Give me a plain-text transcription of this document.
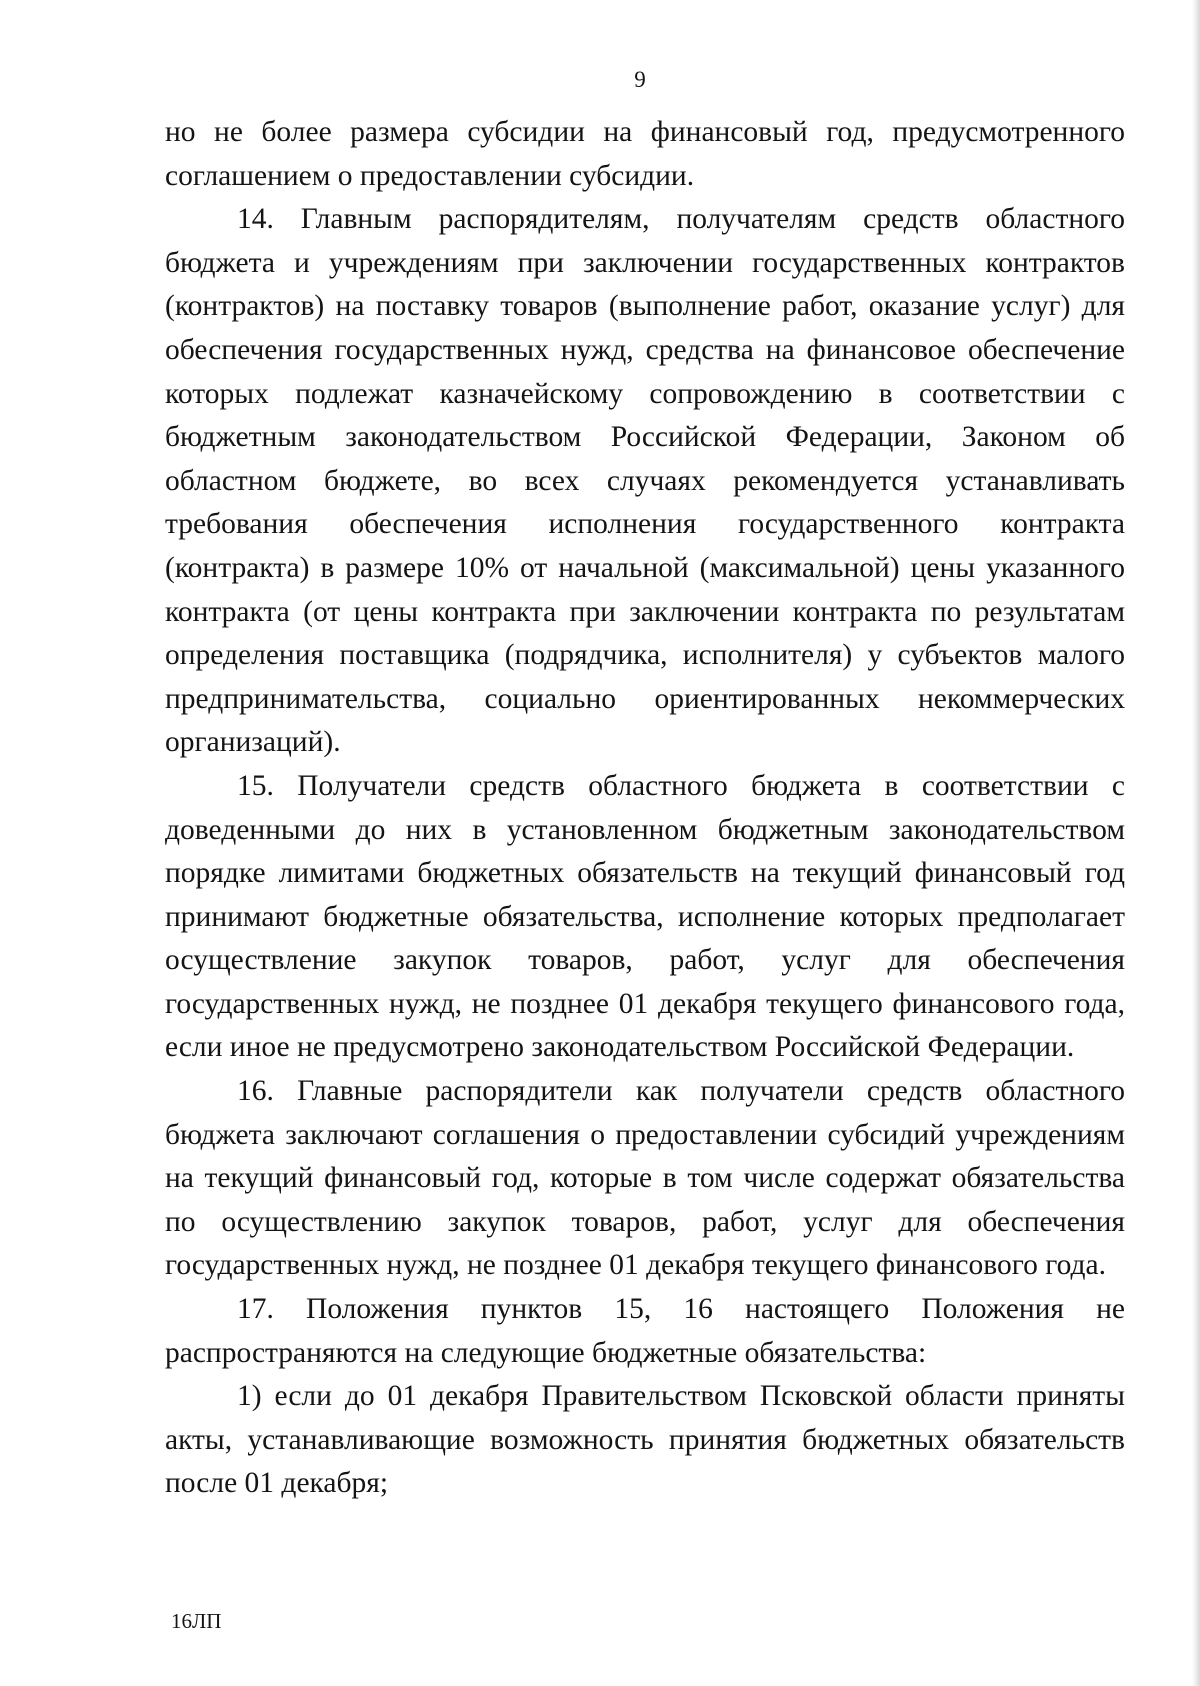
9

но не более размера субсидии на финансовый год, предусмотренного соглашением о предоставлении субсидии.

14. Главным распорядителям, получателям средств областного бюджета и учреждениям при заключении государственных контрактов (контрактов) на поставку товаров (выполнение работ, оказание услуг) для обеспечения государственных нужд, средства на финансовое обеспечение которых подлежат казначейскому сопровождению в соответствии с бюджетным законодательством Российской Федерации, Законом об областном бюджете, во всех случаях рекомендуется устанавливать требования обеспечения исполнения государственного контракта (контракта) в размере 10% от начальной (максимальной) цены указанного контракта (от цены контракта при заключении контракта по результатам определения поставщика (подрядчика, исполнителя) у субъектов малого предпринимательства, социально ориентированных некоммерческих организаций).

15. Получатели средств областного бюджета в соответствии с доведенными до них в установленном бюджетным законодательством порядке лимитами бюджетных обязательств на текущий финансовый год принимают бюджетные обязательства, исполнение которых предполагает осуществление закупок товаров, работ, услуг для обеспечения государственных нужд, не позднее 01 декабря текущего финансового года, если иное не предусмотрено законодательством Российской Федерации.

16. Главные распорядители как получатели средств областного бюджета заключают соглашения о предоставлении субсидий учреждениям на текущий финансовый год, которые в том числе содержат обязательства по осуществлению закупок товаров, работ, услуг для обеспечения государственных нужд, не позднее 01 декабря текущего финансового года.

17. Положения пунктов 15, 16 настоящего Положения не распространяются на следующие бюджетные обязательства:

1) если до 01 декабря Правительством Псковской области приняты акты, устанавливающие возможность принятия бюджетных обязательств после 01 декабря;

16ЛП
